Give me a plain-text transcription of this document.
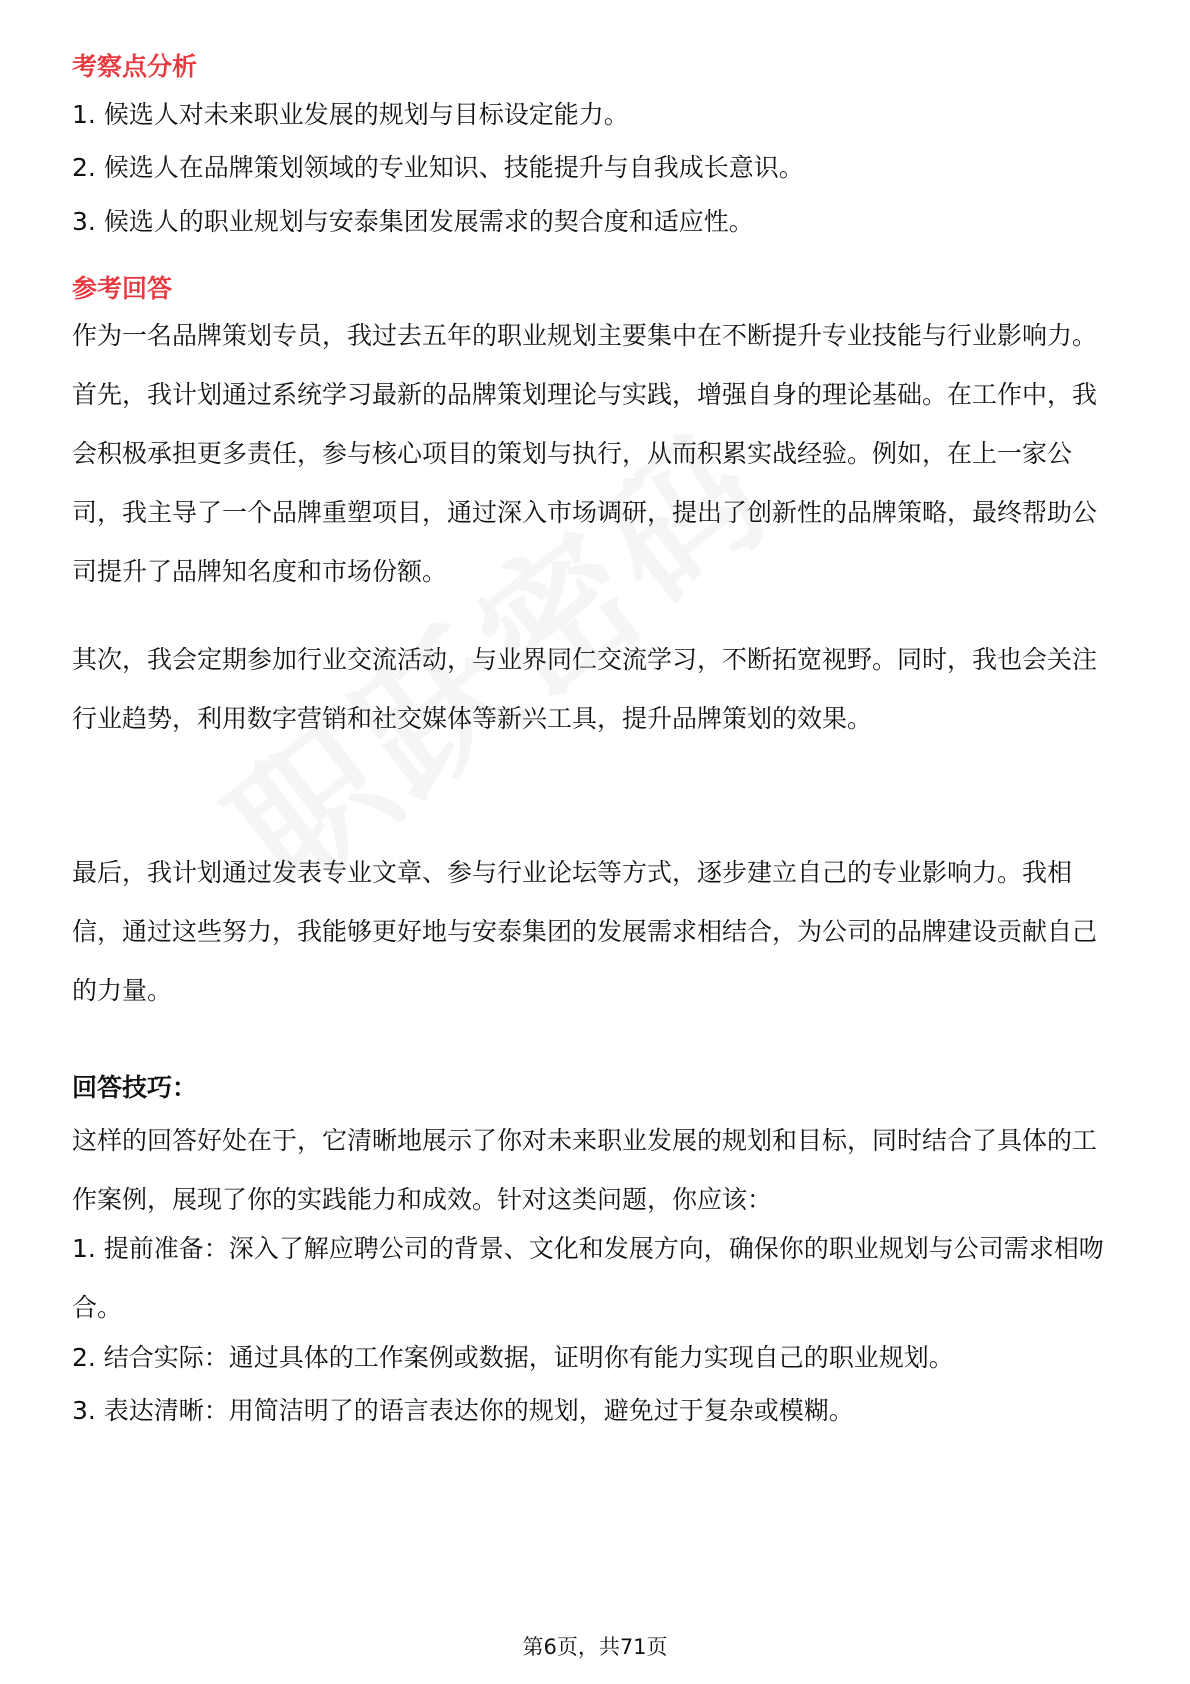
考察点分析

1. 候选人对未来职业发展的规划与目标设定能力。

2. 候选人在品牌策划领域的专业知识、技能提升与自我成长意识。

3. 候选人的职业规划与安泰集团发展需求的契合度和适应性。

参考回答

作为一名品牌策划专员，我过去五年的职业规划主要集中在不断提升专业技能与行业影响力。首先，我计划通过系统学习最新的品牌策划理论与实践，增强自身的理论基础。在工作中，我会积极承担更多责任，参与核心项目的策划与执行，从而积累实战经验。例如，在上一家公司，我主导了一个品牌重塑项目，通过深入市场调研，提出了创新性的品牌策略，最终帮助公司提升了品牌知名度和市场份额。

其次，我会定期参加行业交流活动，与业界同仁交流学习，不断拓宽视野。同时，我也会关注行业趋势，利用数字营销和社交媒体等新兴工具，提升品牌策划的效果。

最后，我计划通过发表专业文章、参与行业论坛等方式，逐步建立自己的专业影响力。我相信，通过这些努力，我能够更好地与安泰集团的发展需求相结合，为公司的品牌建设贡献自己的力量。

回答技巧：

这样的回答好处在于，它清晰地展示了你对未来职业发展的规划和目标，同时结合了具体的工作案例，展现了你的实践能力和成效。针对这类问题，你应该：

1. 提前准备：深入了解应聘公司的背景、文化和发展方向，确保你的职业规划与公司需求相吻合。

2. 结合实际：通过具体的工作案例或数据，证明你有能力实现自己的职业规划。

3. 表达清晰：用简洁明了的语言表达你的规划，避免过于复杂或模糊。

第6页，共71页
